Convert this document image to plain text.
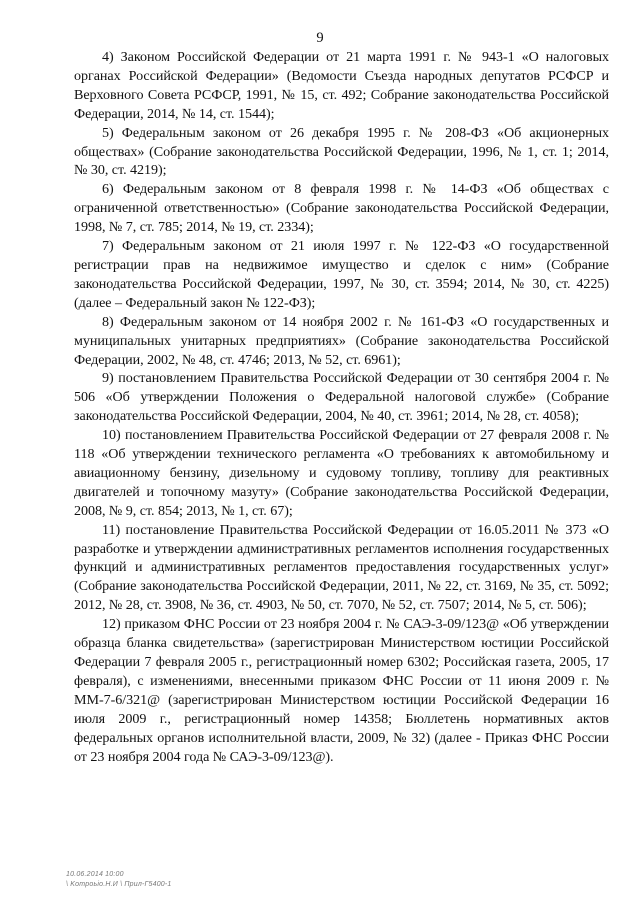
9

4) Законом Российской Федерации от 21 марта 1991 г. № 943-1 «О налоговых органах Российской Федерации» (Ведомости Съезда народных депутатов РСФСР и Верховного Совета РСФСР, 1991, № 15, ст. 492; Собрание законодательства Российской Федерации, 2014, № 14, ст. 1544);

5) Федеральным законом от 26 декабря 1995 г. № 208-ФЗ «Об акционерных обществах» (Собрание законодательства Российской Федерации, 1996, № 1, ст. 1; 2014, № 30, ст. 4219);

6) Федеральным законом от 8 февраля 1998 г. № 14-ФЗ «Об обществах с ограниченной ответственностью» (Собрание законодательства Российской Федерации, 1998, № 7, ст. 785; 2014, № 19, ст. 2334);

7) Федеральным законом от 21 июля 1997 г. № 122-ФЗ «О государственной регистрации прав на недвижимое имущество и сделок с ним» (Собрание законодательства Российской Федерации, 1997, № 30, ст. 3594; 2014, № 30, ст. 4225) (далее – Федеральный закон № 122-ФЗ);

8) Федеральным законом от 14 ноября 2002 г. № 161-ФЗ «О государственных и муниципальных унитарных предприятиях» (Собрание законодательства Российской Федерации, 2002, № 48, ст. 4746; 2013, № 52, ст. 6961);

9) постановлением Правительства Российской Федерации от 30 сентября 2004 г. № 506 «Об утверждении Положения о Федеральной налоговой службе» (Собрание законодательства Российской Федерации, 2004, № 40, ст. 3961; 2014, № 28, ст. 4058);

10) постановлением Правительства Российской Федерации от 27 февраля 2008 г. № 118 «Об утверждении технического регламента «О требованиях к автомобильному и авиационному бензину, дизельному и судовому топливу, топливу для реактивных двигателей и топочному мазуту» (Собрание законодательства Российской Федерации, 2008, № 9, ст. 854; 2013, № 1, ст. 67);

11) постановление Правительства Российской Федерации от 16.05.2011 № 373 «О разработке и утверждении административных регламентов исполнения государственных функций и административных регламентов предоставления государственных услуг» (Собрание законодательства Российской Федерации, 2011, № 22, ст. 3169, № 35, ст. 5092; 2012, № 28, ст. 3908, № 36, ст. 4903, № 50, ст. 7070, № 52, ст. 7507; 2014, № 5, ст. 506);

12) приказом ФНС России от 23 ноября 2004 г. № САЭ-3-09/123@ «Об утверждении образца бланка свидетельства» (зарегистрирован Министерством юстиции Российской Федерации 7 февраля 2005 г., регистрационный номер 6302; Российская газета, 2005, 17 февраля), с изменениями, внесенными приказом ФНС России от 11 июня 2009 г. № ММ-7-6/321@ (зарегистрирован Министерством юстиции Российской Федерации 16 июля 2009 г., регистрационный номер 14358; Бюллетень нормативных актов федеральных органов исполнительной власти, 2009, № 32) (далее - Приказ ФНС России от 23 ноября 2004 года № САЭ-3-09/123@).

10.06.2014 10:00
\ Kоmpoьio.Н.И \ Прил-Г5400-1
